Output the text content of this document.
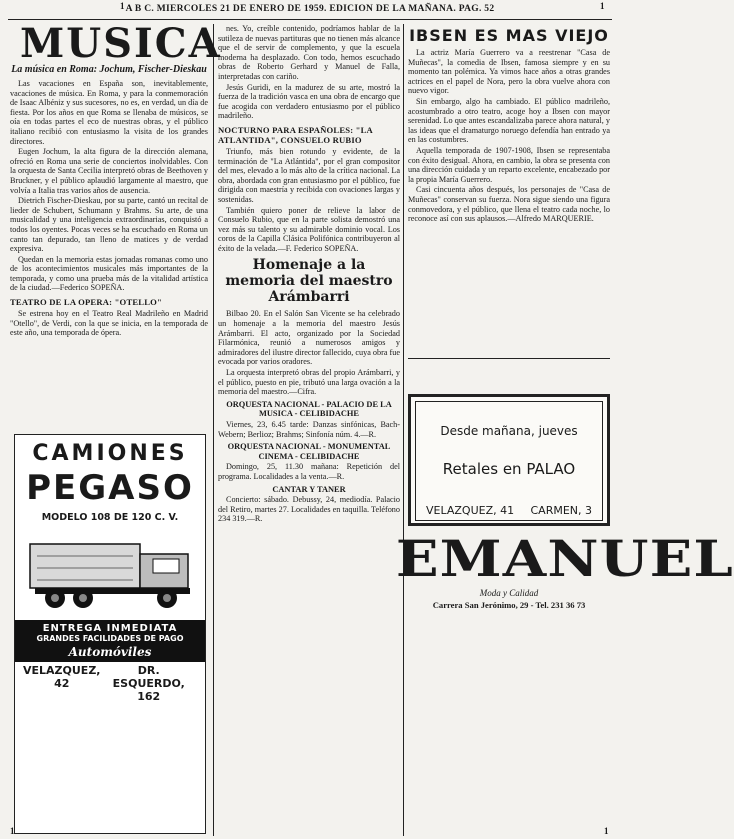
A B C. MIERCOLES 21 DE ENERO DE 1959. EDICION DE LA MAÑANA. PAG. 52
MUSICA
La música en Roma: Jochum, Fischer-Dieskau

Las vacaciones en España son, inevitablemente, vacaciones de música. En Roma, y para la conmemoración de Isaac Albéniz y sus sucesores, no es, en verdad, un día de fiesta. Por los años en que Roma se llenaba de músicos, se oía en todas partes el eco de nuestras obras, y el público italiano recibió con entusiasmo la visita de los grandes directores.

Eugen Jochum, la alta figura de la dirección alemana, ofreció en Roma una serie de conciertos inolvidables. Con la orquesta de Santa Cecilia interpretó obras de Beethoven y Bruckner, y el público aplaudió largamente al maestro, que volvía a Italia tras varios años de ausencia.

Dietrich Fischer-Dieskau, por su parte, cantó un recital de lieder de Schubert, Schumann y Brahms. Su arte, de una musicalidad y una inteligencia extraordinarias, conquistó a todos los oyentes. Pocas veces se ha escuchado en Roma un canto tan depurado, tan lleno de matices y de verdad expresiva.

Quedan en la memoria estas jornadas romanas como uno de los acontecimientos musicales más importantes de la temporada, y como una prueba más de la vitalidad artística de la ciudad.—Federico SOPEÑA.

TEATRO DE LA OPERA: "OTELLO"

Se estrena hoy en el Teatro Real Madrileño en Madrid "Otello", de Verdi, con la que se inicia, en la temporada de este año, una temporada de ópera.

CAMIONES
PEGASO
MODELO 108 DE 120 C. V.
ENTREGA INMEDIATA
GRANDES FACILIDADES DE PAGO
Automóviles
VELAZQUEZ, 42
DR. ESQUERDO, 162

nes. Yo, creíble contenido, podríamos hablar de la sutileza de nuevas partituras que no tienen más alcance que el de servir de complemento, y que la escuela moderna ha desplazado. Con todo, hemos escuchado obras de Roberto Gerhard y Manuel de Falla, interpretadas con cariño.

Jesús Guridi, en la madurez de su arte, mostró la fuerza de la tradición vasca en una obra de encargo que fue acogida con verdadero entusiasmo por el público madrileño.

NOCTURNO PARA ESPAÑOLES: "LA ATLANTIDA", CONSUELO RUBIO

Triunfo, más bien rotundo y evidente, de la terminación de "La Atlántida", por el gran compositor del mes, elevado a lo más alto de la crítica nacional. La obra, abordada con gran entusiasmo por el público, fue dirigida con maestría y recibida con ovaciones largas y sostenidas.

También quiero poner de relieve la labor de Consuelo Rubio, que en la parte solista demostró una vez más su talento y su admirable dominio vocal. Los coros de la Capilla Clásica Polifónica contribuyeron al éxito de la velada.—F. Federico SOPEÑA.

Homenaje a la memoria del maestro Arámbarri

Bilbao 20. En el Salón San Vicente se ha celebrado un homenaje a la memoria del maestro Jesús Arámbarri. El acto, organizado por la Sociedad Filarmónica, reunió a numerosos amigos y admiradores del ilustre director fallecido, cuya obra fue evocada por varios oradores.

La orquesta interpretó obras del propio Arámbarri, y el público, puesto en pie, tributó una larga ovación a la memoria del maestro.—Cifra.

ORQUESTA NACIONAL - PALACIO DE LA MUSICA - CELIBIDACHE

Viernes, 23, 6.45 tarde: Danzas sinfónicas, Bach-Webern; Berlioz; Brahms; Sinfonía núm. 4.—R.

ORQUESTA NACIONAL - MONUMENTAL CINEMA - CELIBIDACHE

Domingo, 25, 11.30 mañana: Repetición del programa. Localidades a la venta.—R.

CANTAR Y TANER

Concierto: sábado. Debussy, 24, mediodía. Palacio del Retiro, martes 27. Localidades en taquilla. Teléfono 234 319.—R.

IBSEN ES MAS VIEJO

La actriz María Guerrero va a reestrenar "Casa de Muñecas", la comedia de Ibsen, famosa siempre y en su momento tan polémica. Ya vimos hace años a otras grandes actrices en el papel de Nora, pero la obra vuelve ahora con nuevo vigor.

Sin embargo, algo ha cambiado. El público madrileño, acostumbrado a otro teatro, acoge hoy a Ibsen con mayor serenidad. Lo que antes escandalizaba parece ahora natural, y las ideas que el dramaturgo noruego defendía han entrado ya en las costumbres.

Aquella temporada de 1907-1908, Ibsen se representaba con éxito desigual. Ahora, en cambio, la obra se presenta con una dirección cuidada y un reparto excelente, encabezado por la propia María Guerrero.

Casi cincuenta años después, los personajes de "Casa de Muñecas" conservan su fuerza. Nora sigue siendo una figura conmovedora, y el público, que llena el teatro cada noche, lo reconoce así con sus aplausos.—Alfredo MARQUERIE.

Desde mañana, jueves
Retales en PALAO
VELAZQUEZ, 41 CARMEN, 3
EMANUEL
Moda y Calidad
Carrera San Jerónimo, 29 - Tel. 231 36 73
1	1
1	1
